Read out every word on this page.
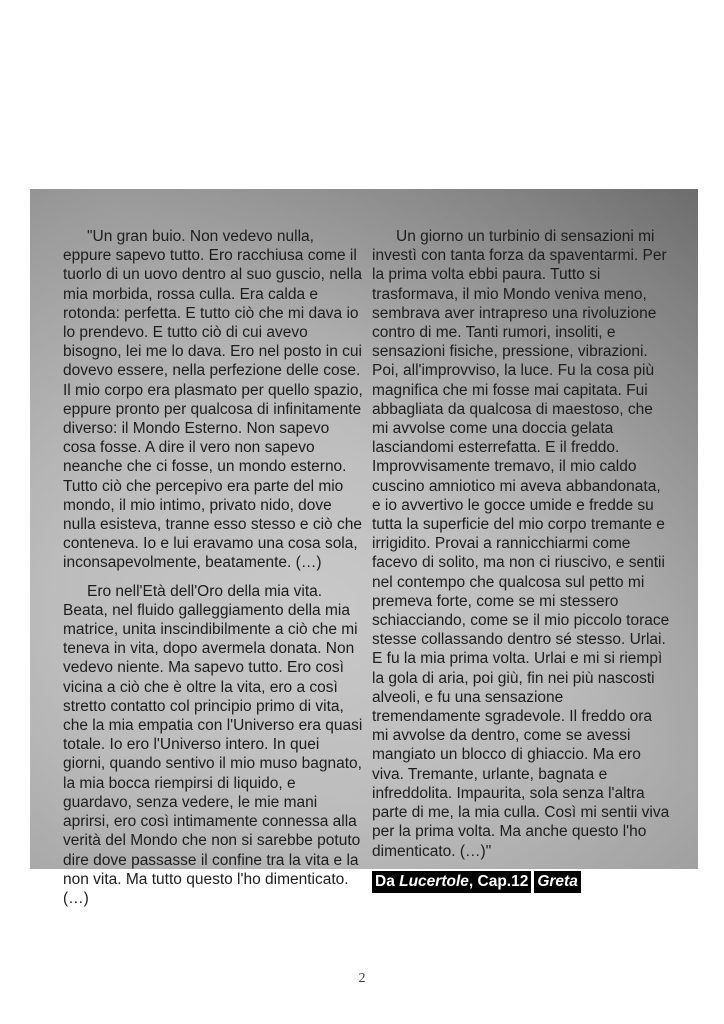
"Un gran buio. Non vedevo nulla, eppure sapevo tutto. Ero racchiusa come il tuorlo di un uovo dentro al suo guscio, nella mia morbida, rossa culla. Era calda e rotonda: perfetta. E tutto ciò che mi dava io lo prendevo. E tutto ciò di cui avevo bisogno, lei me lo dava. Ero nel posto in cui dovevo essere, nella perfezione delle cose. Il mio corpo era plasmato per quello spazio, eppure pronto per qualcosa di infinitamente diverso: il Mondo Esterno. Non sapevo cosa fosse. A dire il vero non sapevo neanche che ci fosse, un mondo esterno. Tutto ciò che percepivo era parte del mio mondo, il mio intimo, privato nido, dove nulla esisteva, tranne esso stesso e ciò che conteneva. Io e lui eravamo una cosa sola, inconsapevolmente, beatamente. (…)

Ero nell'Età dell'Oro della mia vita. Beata, nel fluido galleggiamento della mia matrice, unita inscindibilmente a ciò che mi teneva in vita, dopo avermela donata. Non vedevo niente. Ma sapevo tutto. Ero così vicina a ciò che è oltre la vita, ero a così stretto contatto col principio primo di vita, che la mia empatia con l'Universo era quasi totale. Io ero l'Universo intero. In quei giorni, quando sentivo il mio muso bagnato, la mia bocca riempirsi di liquido, e guardavo, senza vedere, le mie mani aprirsi, ero così intimamente connessa alla verità del Mondo che non si sarebbe potuto dire dove passasse il confine tra la vita e la non vita. Ma tutto questo l'ho dimenticato. (…)

Un giorno un turbinio di sensazioni mi investì con tanta forza da spaventarmi. Per la prima volta ebbi paura. Tutto si trasformava, il mio Mondo veniva meno, sembrava aver intrapreso una rivoluzione contro di me. Tanti rumori, insoliti, e sensazioni fisiche, pressione, vibrazioni. Poi, all'improvviso, la luce. Fu la cosa più magnifica che mi fosse mai capitata. Fui abbagliata da qualcosa di maestoso, che mi avvolse come una doccia gelata lasciandomi esterrefatta. E il freddo. Improvvisamente tremavo, il mio caldo cuscino amniotico mi aveva abbandonata, e io avvertivo le gocce umide e fredde su tutta la superficie del mio corpo tremante e irrigidito. Provai a rannicchiarmi come facevo di solito, ma non ci riuscivo, e sentii nel contempo che qualcosa sul petto mi premeva forte, come se mi stessero schiacciando, come se il mio piccolo torace stesse collassando dentro sé stesso. Urlai. E fu la mia prima volta. Urlai e mi si riempì la gola di aria, poi giù, fin nei più nascosti alveoli, e fu una sensazione tremendamente sgradevole. Il freddo ora mi avvolse da dentro, come se avessi mangiato un blocco di ghiaccio. Ma ero viva. Tremante, urlante, bagnata e infreddolita. Impaurita, sola senza l'altra parte di me, la mia culla. Così mi sentii viva per la prima volta. Ma anche questo l'ho dimenticato. (…)"

Da Lucertole, Cap.12 Greta

2
